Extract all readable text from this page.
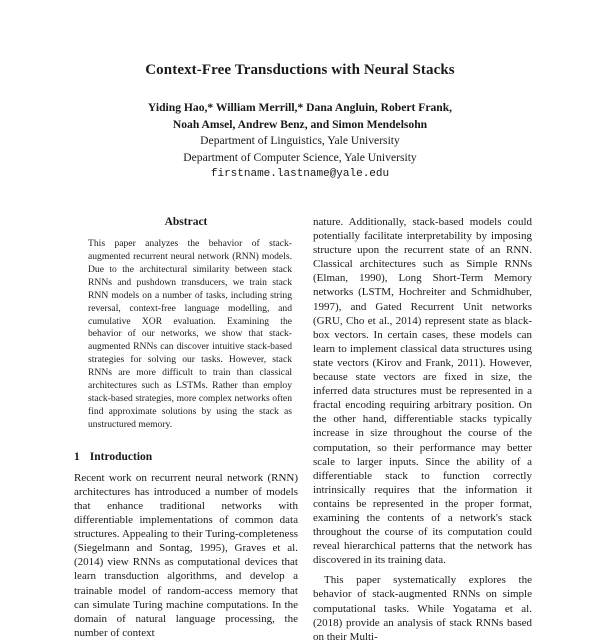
Context-Free Transductions with Neural Stacks
Yiding Hao,* William Merrill,* Dana Angluin, Robert Frank,
Noah Amsel, Andrew Benz, and Simon Mendelsohn
Department of Linguistics, Yale University
Department of Computer Science, Yale University
firstname.lastname@yale.edu
Abstract

This paper analyzes the behavior of stack-augmented recurrent neural network (RNN) models. Due to the architectural similarity between stack RNNs and pushdown transducers, we train stack RNN models on a number of tasks, including string reversal, context-free language modelling, and cumulative XOR evaluation. Examining the behavior of our networks, we show that stack-augmented RNNs can discover intuitive stack-based strategies for solving our tasks. However, stack RNNs are more difficult to train than classical architectures such as LSTMs. Rather than employ stack-based strategies, more complex networks often find approximate solutions by using the stack as unstructured memory.

1 Introduction

Recent work on recurrent neural network (RNN) architectures has introduced a number of models that enhance traditional networks with differentiable implementations of common data structures. Appealing to their Turing-completeness (Siegelmann and Sontag, 1995), Graves et al. (2014) view RNNs as computational devices that learn transduction algorithms, and develop a trainable model of random-access memory that can simulate Turing machine computations. In the domain of natural language processing, the number of context

nature. Additionally, stack-based models could potentially facilitate interpretability by imposing structure upon the recurrent state of an RNN. Classical architectures such as Simple RNNs (Elman, 1990), Long Short-Term Memory networks (LSTM, Hochreiter and Schmidhuber, 1997), and Gated Recurrent Unit networks (GRU, Cho et al., 2014) represent state as black-box vectors. In certain cases, these models can learn to implement classical data structures using state vectors (Kirov and Frank, 2011). However, because state vectors are fixed in size, the inferred data structures must be represented in a fractal encoding requiring arbitrary position. On the other hand, differentiable stacks typically increase in size throughout the course of the computation, so their performance may better scale to larger inputs. Since the ability of a differentiable stack to function correctly intrinsically requires that the information it contains be represented in the proper format, examining the contents of a network's stack throughout the course of its computation could reveal hierarchical patterns that the network has discovered in its training data.

This paper systematically explores the behavior of stack-augmented RNNs on simple computational tasks. While Yogatama et al. (2018) provide an analysis of stack RNNs based on their Multi-
